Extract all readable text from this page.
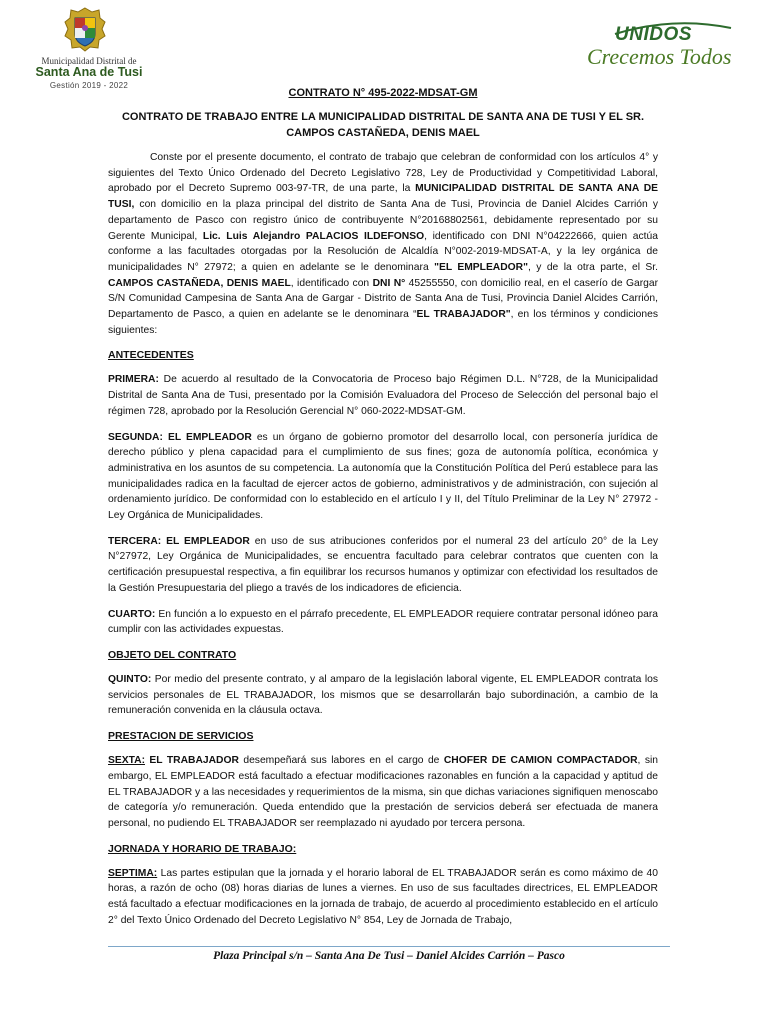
Municipalidad Distrital de
Santa Ana de Tusi
Gestión 2019 - 2022
UNIDOS
Crecemos Todos

CONTRATO N° 495-2022-MDSAT-GM

CONTRATO DE TRABAJO ENTRE LA MUNICIPALIDAD DISTRITAL DE SANTA ANA DE TUSI Y EL SR. CAMPOS CASTAÑEDA, DENIS MAEL

Conste por el presente documento, el contrato de trabajo que celebran de conformidad con los artículos 4° y siguientes del Texto Único Ordenado del Decreto Legislativo 728, Ley de Productividad y Competitividad Laboral, aprobado por el Decreto Supremo 003-97-TR, de una parte, la MUNICIPALIDAD DISTRITAL DE SANTA ANA DE TUSI, con domicilio en la plaza principal del distrito de Santa Ana de Tusi, Provincia de Daniel Alcides Carrión y departamento de Pasco con registro único de contribuyente N°20168802561, debidamente representado por su Gerente Municipal, Lic. Luis Alejandro PALACIOS ILDEFONSO, identificado con DNI N°04222666, quien actúa conforme a las facultades otorgadas por la Resolución de Alcaldía N°002-2019-MDSAT-A, y la ley orgánica de municipalidades N° 27972; a quien en adelante se le denominara "EL EMPLEADOR", y de la otra parte, el Sr. CAMPOS CASTAÑEDA, DENIS MAEL, identificado con DNI N° 45255550, con domicilio real, en el caserío de Gargar S/N Comunidad Campesina de Santa Ana de Gargar - Distrito de Santa Ana de Tusi, Provincia Daniel Alcides Carrión, Departamento de Pasco, a quien en adelante se le denominara “EL TRABAJADOR", en los términos y condiciones siguientes:

ANTECEDENTES

PRIMERA: De acuerdo al resultado de la Convocatoria de Proceso bajo Régimen D.L. N°728, de la Municipalidad Distrital de Santa Ana de Tusi, presentado por la Comisión Evaluadora del Proceso de Selección del personal bajo el régimen 728, aprobado por la Resolución Gerencial N° 060-2022-MDSAT-GM.

SEGUNDA: EL EMPLEADOR es un órgano de gobierno promotor del desarrollo local, con personería jurídica de derecho público y plena capacidad para el cumplimiento de sus fines; goza de autonomía política, económica y administrativa en los asuntos de su competencia. La autonomía que la Constitución Política del Perú establece para las municipalidades radica en la facultad de ejercer actos de gobierno, administrativos y de administración, con sujeción al ordenamiento jurídico. De conformidad con lo establecido en el artículo I y II, del Título Preliminar de la Ley N° 27972 - Ley Orgánica de Municipalidades.

TERCERA: EL EMPLEADOR en uso de sus atribuciones conferidos por el numeral 23 del artículo 20° de la Ley N°27972, Ley Orgánica de Municipalidades, se encuentra facultado para celebrar contratos que cuenten con la certificación presupuestal respectiva, a fin equilibrar los recursos humanos y optimizar con efectividad los resultados de la Gestión Presupuestaria del pliego a través de los indicadores de eficiencia.

CUARTO: En función a lo expuesto en el párrafo precedente, EL EMPLEADOR requiere contratar personal idóneo para cumplir con las actividades expuestas.

OBJETO DEL CONTRATO

QUINTO: Por medio del presente contrato, y al amparo de la legislación laboral vigente, EL EMPLEADOR contrata los servicios personales de EL TRABAJADOR, los mismos que se desarrollarán bajo subordinación, a cambio de la remuneración convenida en la cláusula octava.

PRESTACION DE SERVICIOS

SEXTA: EL TRABAJADOR desempeñará sus labores en el cargo de CHOFER DE CAMION COMPACTADOR, sin embargo, EL EMPLEADOR está facultado a efectuar modificaciones razonables en función a la capacidad y aptitud de EL TRABAJADOR y a las necesidades y requerimientos de la misma, sin que dichas variaciones signifiquen menoscabo de categoría y/o remuneración. Queda entendido que la prestación de servicios deberá ser efectuada de manera personal, no pudiendo EL TRABAJADOR ser reemplazado ni ayudado por tercera persona.

JORNADA Y HORARIO DE TRABAJO:

SEPTIMA: Las partes estipulan que la jornada y el horario laboral de EL TRABAJADOR serán es como máximo de 40 horas, a razón de ocho (08) horas diarias de lunes a viernes. En uso de sus facultades directrices, EL EMPLEADOR está facultado a efectuar modificaciones en la jornada de trabajo, de acuerdo al procedimiento establecido en el artículo 2° del Texto Único Ordenado del Decreto Legislativo N° 854, Ley de Jornada de Trabajo,

Plaza Principal s/n – Santa Ana De Tusi – Daniel Alcides Carrión – Pasco
